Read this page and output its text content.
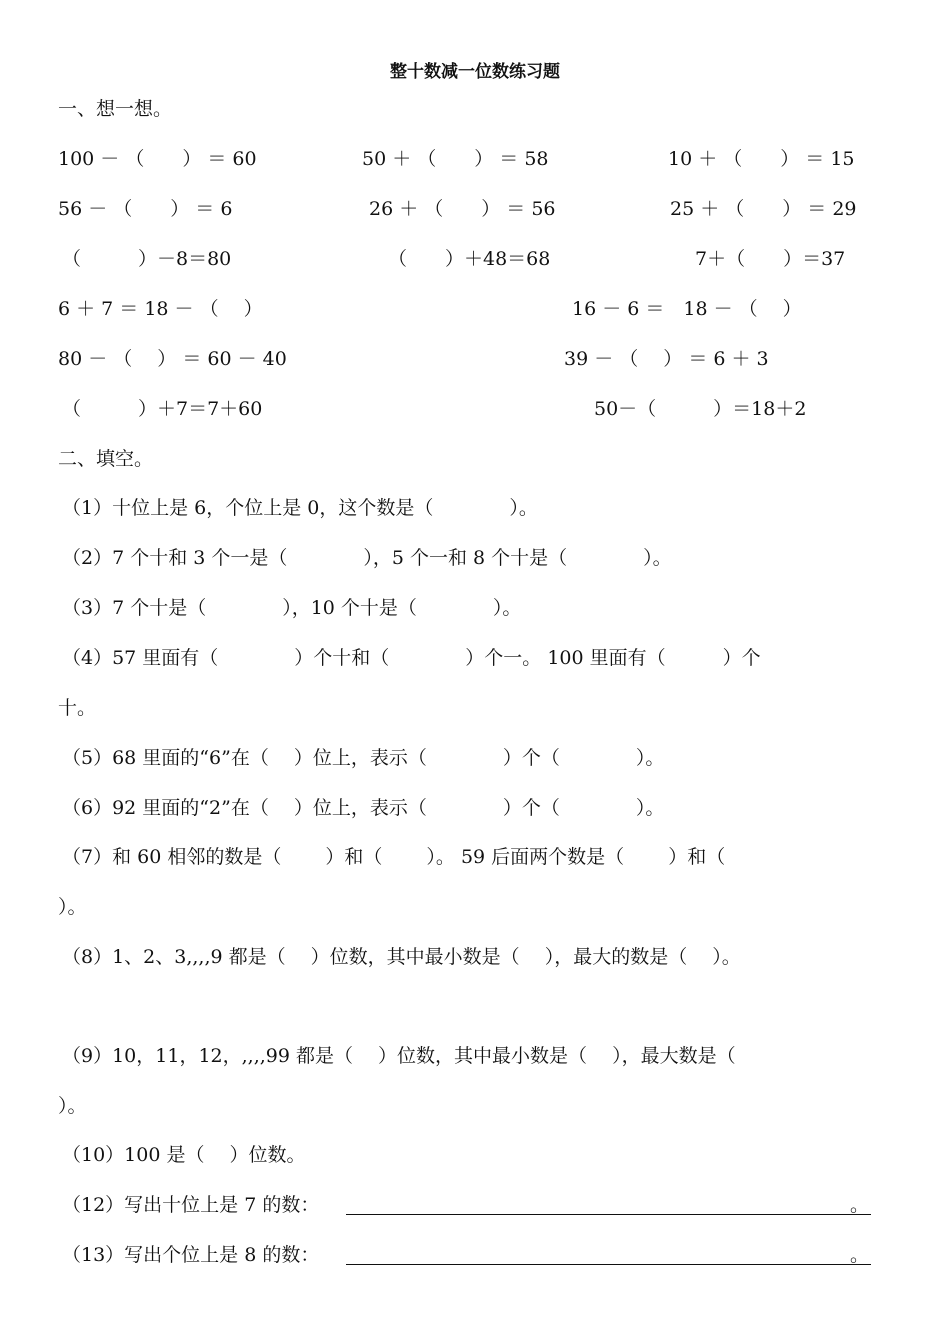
整十数减一位数练习题
一、想一想。
100 － （　　） ＝ 60	50 ＋ （　　） ＝ 58	10 ＋ （　　） ＝ 15
56 － （　　） ＝ 6	26 ＋ （　　） ＝ 56	25 ＋ （　　） ＝ 29
（　　　）－8＝80	（　　）＋48＝68	7＋（　　）＝37
6 ＋ 7 ＝ 18 － （　 ）	16 － 6 ＝　18 － （　 ）
80 － （　 ） ＝ 60 － 40	39 － （　 ） ＝ 6 ＋ 3
（　　　）＋7＝7＋60	50－（　　　）＝18＋2
二、填空。
（1）十位上是 6，个位上是 0，这个数是（　　　　）。
（2）7 个十和 3 个一是（　　　　），5 个一和 8 个十是（　　　　）。
（3）7 个十是（　　　　），10 个十是（　　　　）。
（4）57 里面有（　　　　）个十和（　　　　）个一。 100 里面有（　　　）个
十。
（5）68 里面的“6”在（　 ）位上，表示（　　　　）个（　　　　）。
（6）92 里面的“2”在（　 ）位上，表示（　　　　）个（　　　　）。
（7）和 60 相邻的数是（　　 ）和（　　 ）。 59 后面两个数是（　　 ）和（
）。
（8）1、2、3,,,,9 都是（　 ）位数，其中最小数是（　 ），最大的数是（　 ）。
（9）10，11，12，,,,,99 都是（　 ）位数，其中最小数是（　 ），最大数是（
）。
（10）100 是（　 ）位数。
（12）写出十位上是 7 的数：	。
（13）写出个位上是 8 的数：	。
